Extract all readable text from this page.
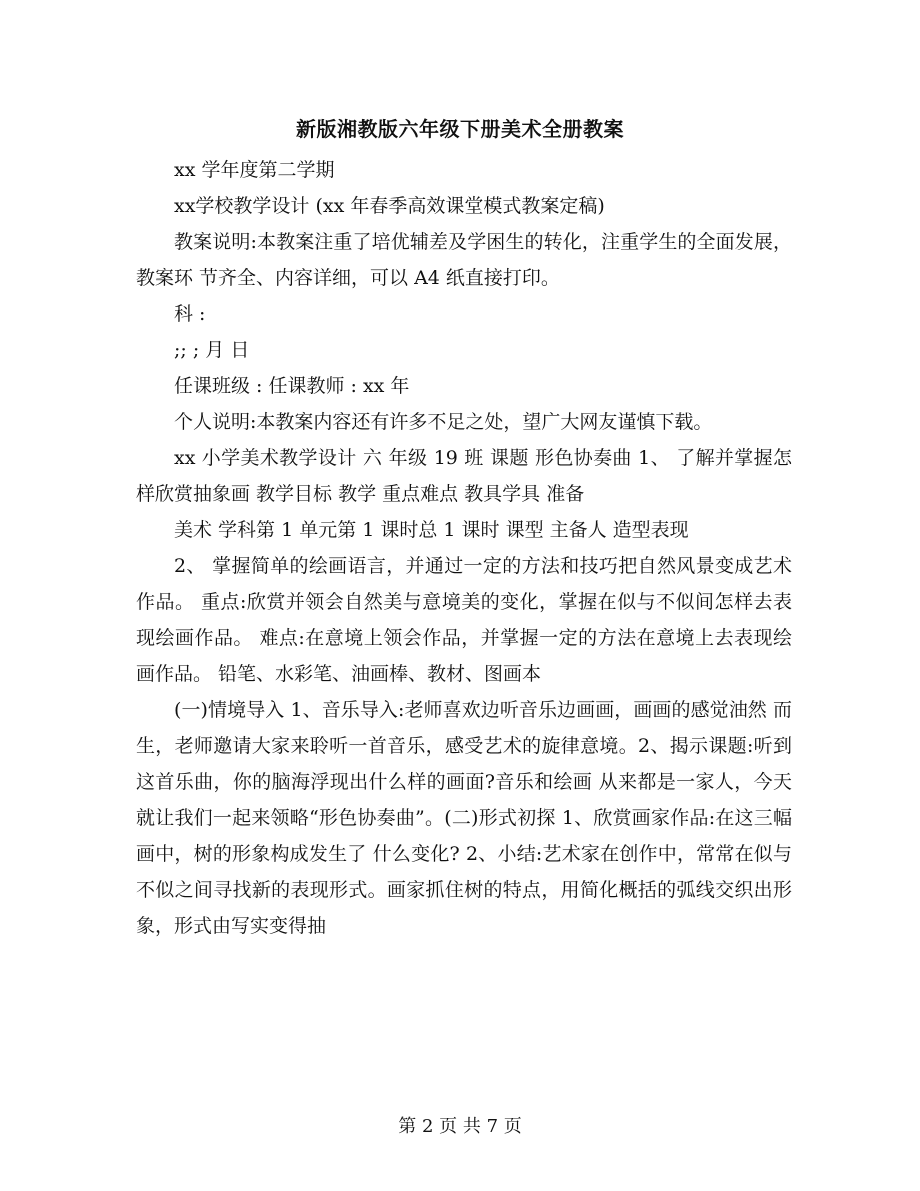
新版湘教版六年级下册美术全册教案

xx 学年度第二学期

xx学校教学设计 (xx 年春季高效课堂模式教案定稿)

教案说明:本教案注重了培优辅差及学困生的转化，注重学生的全面发展，教案环 节齐全、内容详细，可以 A4 纸直接打印。

科 :

;; ; 月 日

任课班级 : 任课教师 : xx 年

个人说明:本教案内容还有许多不足之处，望广大网友谨慎下载。

xx 小学美术教学设计 六 年级 19 班 课题 形色协奏曲 1、 了解并掌握怎样欣赏抽象画 教学目标 教学 重点难点 教具学具 准备

美术 学科第 1 单元第 1 课时总 1 课时 课型 主备人 造型表现

2、 掌握简单的绘画语言，并通过一定的方法和技巧把自然风景变成艺术作品。 重点:欣赏并领会自然美与意境美的变化，掌握在似与不似间怎样去表现绘画作品。 难点:在意境上领会作品，并掌握一定的方法在意境上去表现绘画作品。 铅笔、水彩笔、油画棒、教材、图画本

(一)情境导入 1、音乐导入:老师喜欢边听音乐边画画，画画的感觉油然 而生，老师邀请大家来聆听一首音乐，感受艺术的旋律意境。2、揭示课题:听到这首乐曲，你的脑海浮现出什么样的画面?音乐和绘画 从来都是一家人，今天就让我们一起来领略“形色协奏曲”。(二)形式初探 1、欣赏画家作品:在这三幅画中，树的形象构成发生了 什么变化? 2、小结:艺术家在创作中，常常在似与不似之间寻找新的表现形式。画家抓住树的特点，用简化概括的弧线交织出形象，形式由写实变得抽

第 2 页 共 7 页
